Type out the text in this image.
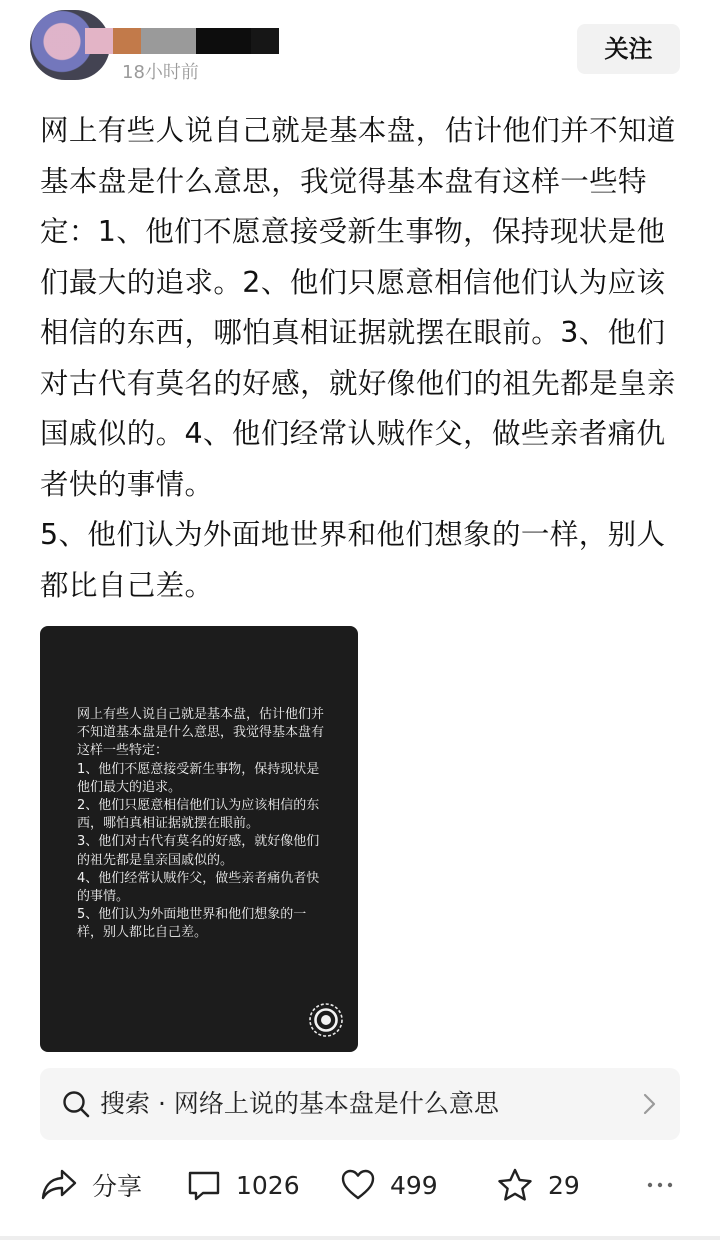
18小时前
关注

网上有些人说自己就是基本盘，估计他们并不知道基本盘是什么意思，我觉得基本盘有这样一些特定：1、他们不愿意接受新生事物，保持现状是他们最大的追求。2、他们只愿意相信他们认为应该相信的东西，哪怕真相证据就摆在眼前。3、他们对古代有莫名的好感，就好像他们的祖先都是皇亲国戚似的。4、他们经常认贼作父，做些亲者痛仇者快的事情。

5、他们认为外面地世界和他们想象的一样，别人都比自己差。

网上有些人说自己就是基本盘，估计他们并不知道基本盘是什么意思，我觉得基本盘有这样一些特定：

1、他们不愿意接受新生事物，保持现状是他们最大的追求。

2、他们只愿意相信他们认为应该相信的东西，哪怕真相证据就摆在眼前。

3、他们对古代有莫名的好感，就好像他们的祖先都是皇亲国戚似的。

4、他们经常认贼作父，做些亲者痛仇者快的事情。

5、他们认为外面地世界和他们想象的一样，别人都比自己差。

搜索 · 网络上说的基本盘是什么意思
分享	1026	499	29
